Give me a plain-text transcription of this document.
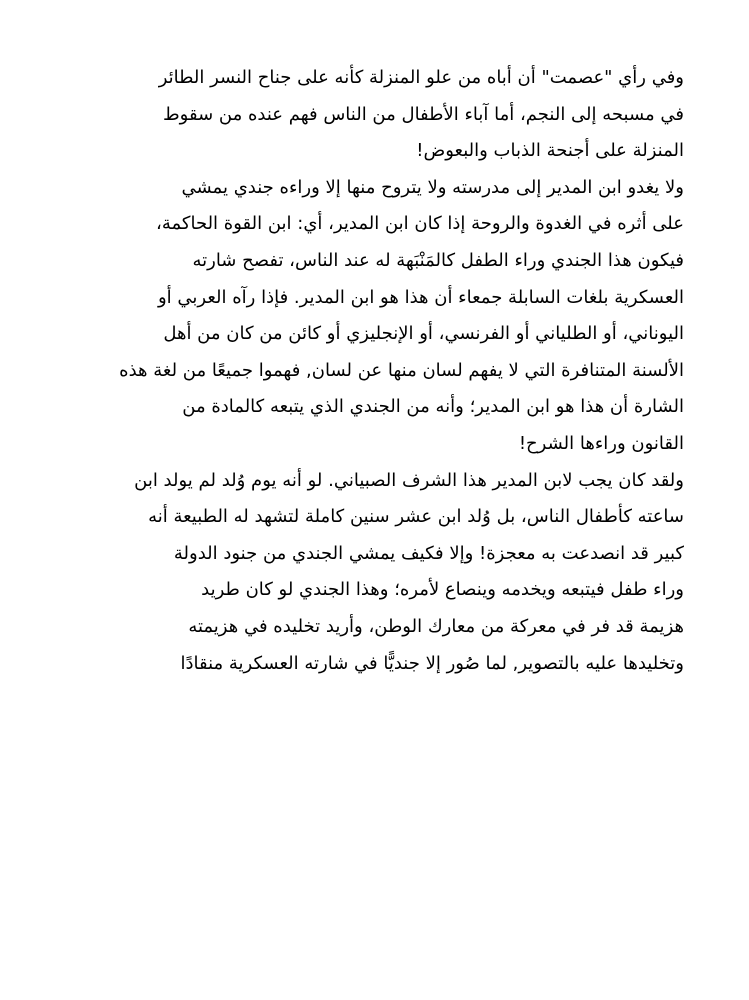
وفي رأي "عصمت" أن أباه من علو المنزلة كأنه على جناح النسر الطائر
في مسبحه إلى النجم، أما آباء الأطفال من الناس فهم عنده من سقوط
المنزلة على أجنحة الذباب والبعوض!
ولا يغدو ابن المدير إلى مدرسته ولا يتروح منها إلا وراءه جندي يمشي
على أثره في الغدوة والروحة إذا كان ابن المدير، أي: ابن القوة الحاكمة،
فيكون هذا الجندي وراء الطفل كالمَنْبَهة له عند الناس، تفصح شارته
العسكرية بلغات السابلة جمعاء أن هذا هو ابن المدير. فإذا رآه العربي أو
اليوناني، أو الطلياني أو الفرنسي، أو الإنجليزي أو كائن من كان من أهل
الألسنة المتنافرة التي لا يفهم لسان منها عن لسان, فهموا جميعًا من لغة هذه
الشارة أن هذا هو ابن المدير؛ وأنه من الجندي الذي يتبعه كالمادة من
القانون وراءها الشرح!
ولقد كان يجب لابن المدير هذا الشرف الصبياني. لو أنه يوم وُلد لم يولد ابن
ساعته كأطفال الناس، بل وُلد ابن عشر سنين كاملة لتشهد له الطبيعة أنه
كبير قد انصدعت به معجزة! وإلا فكيف يمشي الجندي من جنود الدولة
وراء طفل فيتبعه ويخدمه وينصاع لأمره؛ وهذا الجندي لو كان طريد
هزيمة قد فر في معركة من معارك الوطن، وأريد تخليده في هزيمته
وتخليدها عليه بالتصوير, لما صُور إلا جنديًّا في شارته العسكرية منقادًا
